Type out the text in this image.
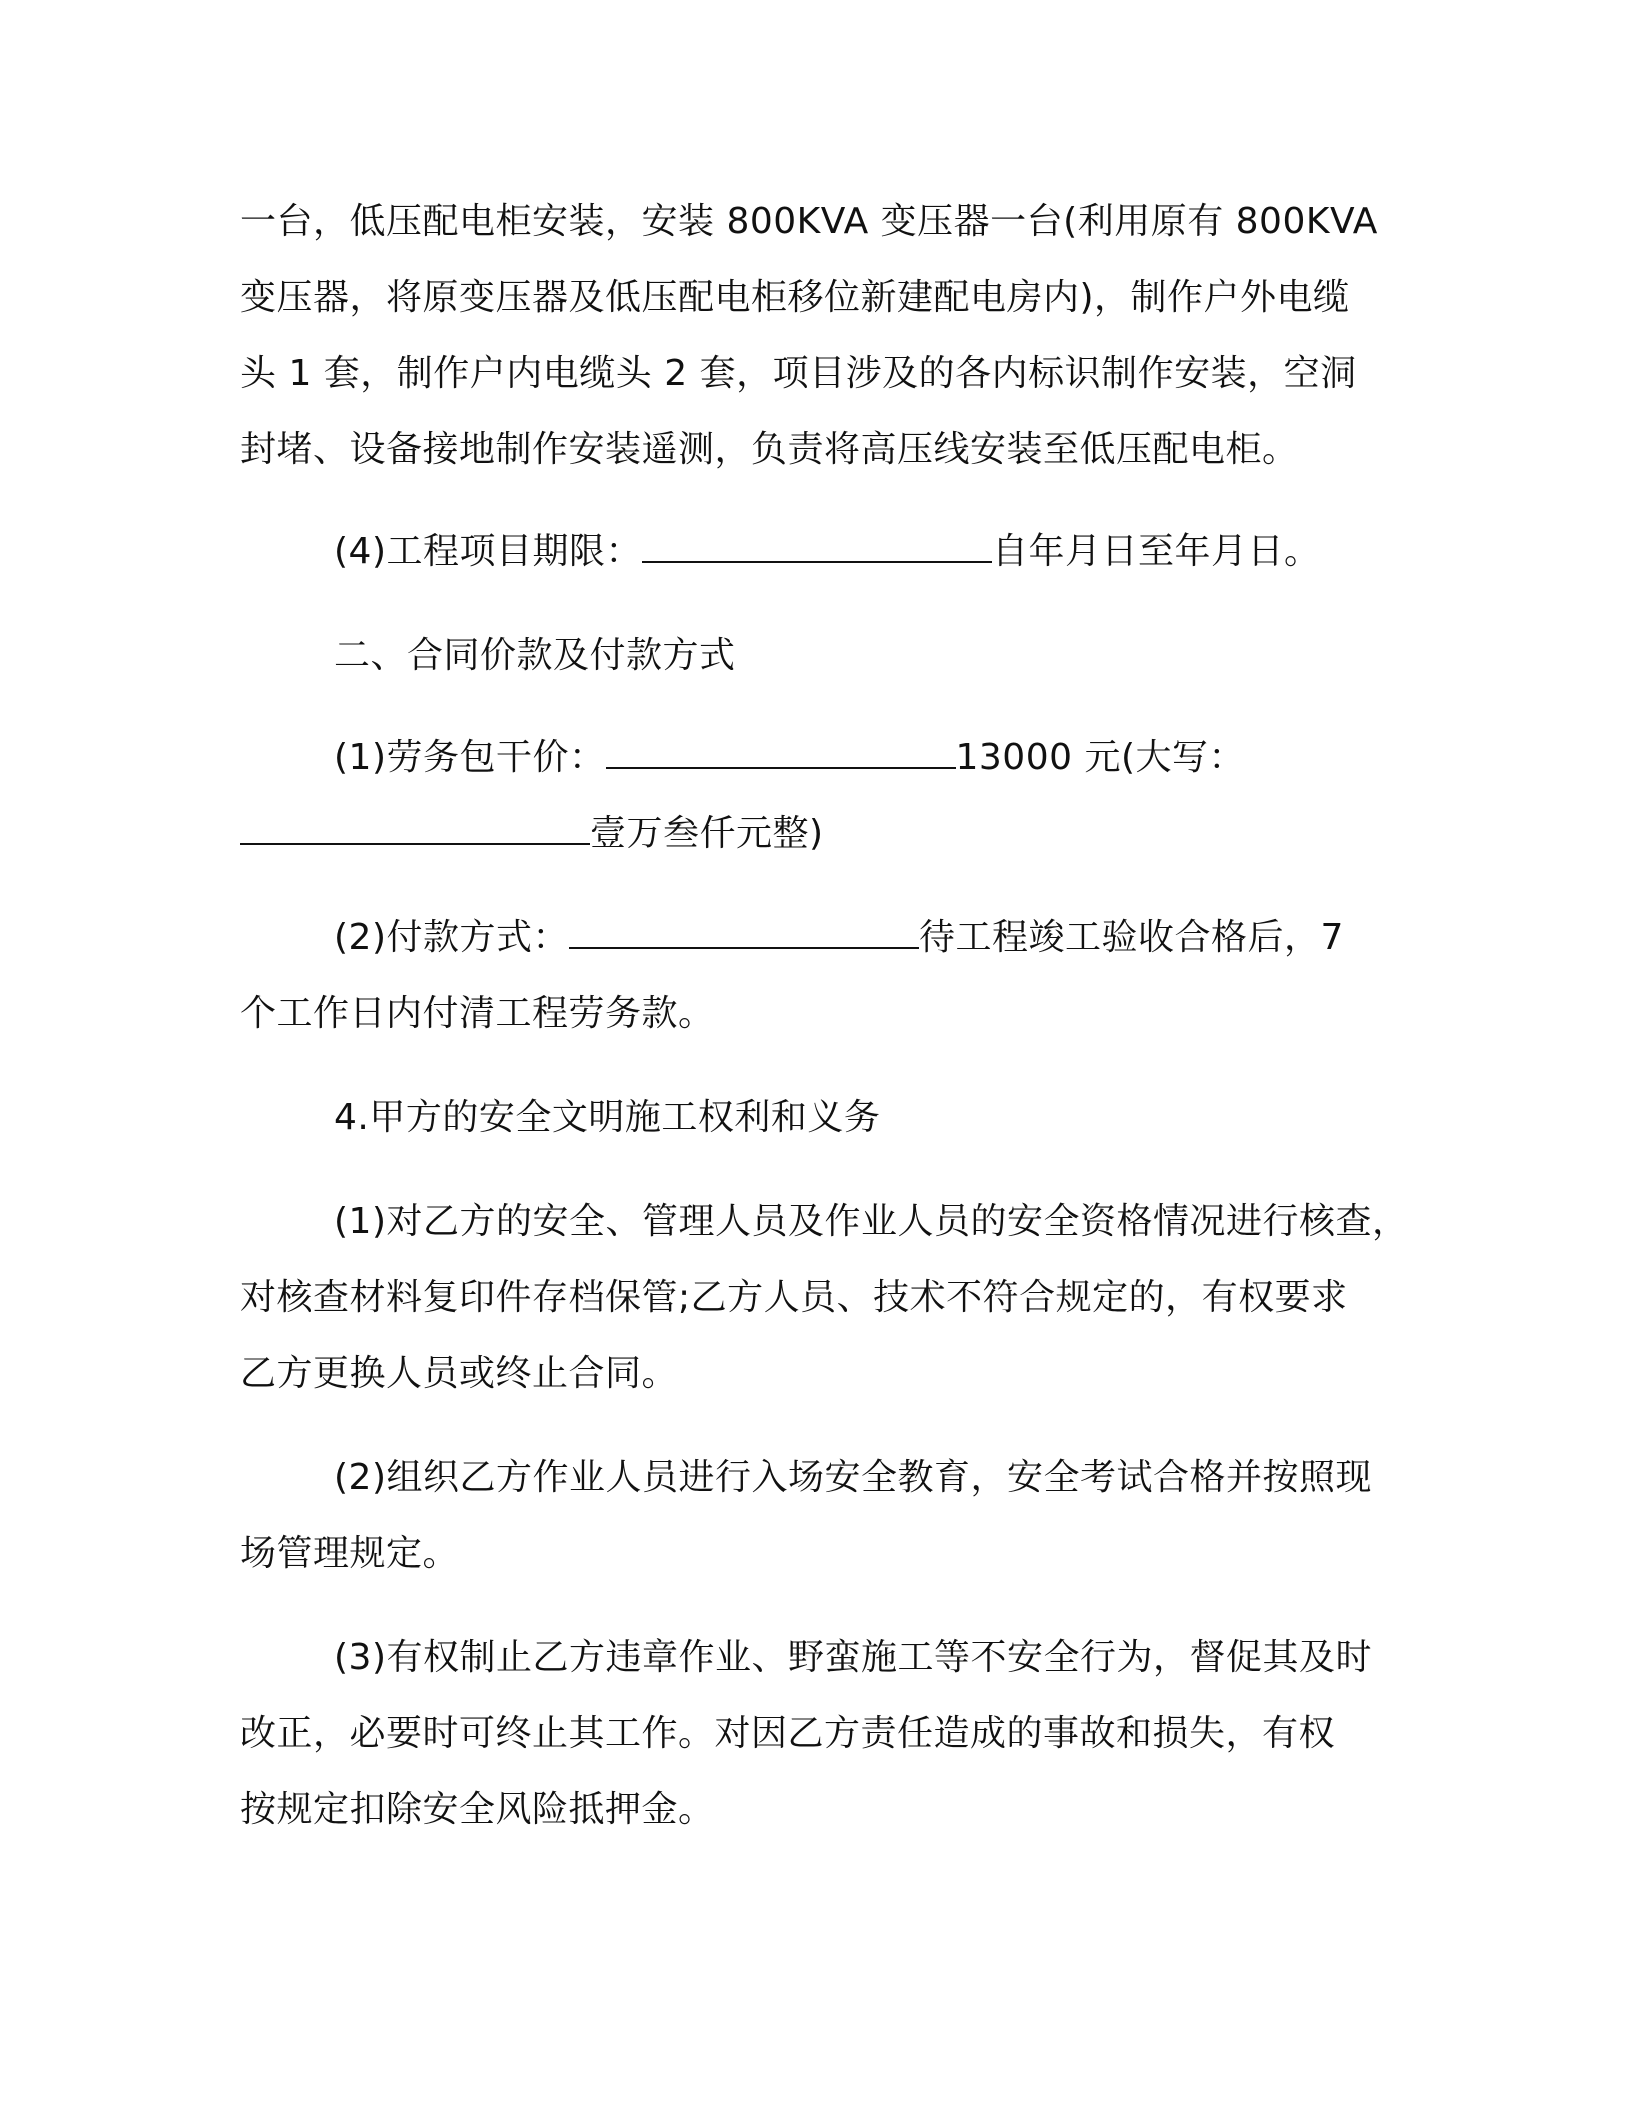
一台，低压配电柜安装，安装 800KVA 变压器一台(利用原有 800KVA
变压器，将原变压器及低压配电柜移位新建配电房内)，制作户外电缆
头 1 套，制作户内电缆头 2 套，项目涉及的各内标识制作安装，空洞
封堵、设备接地制作安装遥测，负责将高压线安装至低压配电柜。
(4)工程项目期限：	自年月日至年月日。
二、合同价款及付款方式
(1)劳务包干价：	13000 元(大写：
壹万叁仟元整)
(2)付款方式：	待工程竣工验收合格后，7
个工作日内付清工程劳务款。
4.甲方的安全文明施工权利和义务
(1)对乙方的安全、管理人员及作业人员的安全资格情况进行核查，
对核查材料复印件存档保管;乙方人员、技术不符合规定的，有权要求
乙方更换人员或终止合同。
(2)组织乙方作业人员进行入场安全教育，安全考试合格并按照现
场管理规定。
(3)有权制止乙方违章作业、野蛮施工等不安全行为，督促其及时
改正，必要时可终止其工作。对因乙方责任造成的事故和损失，有权
按规定扣除安全风险抵押金。
